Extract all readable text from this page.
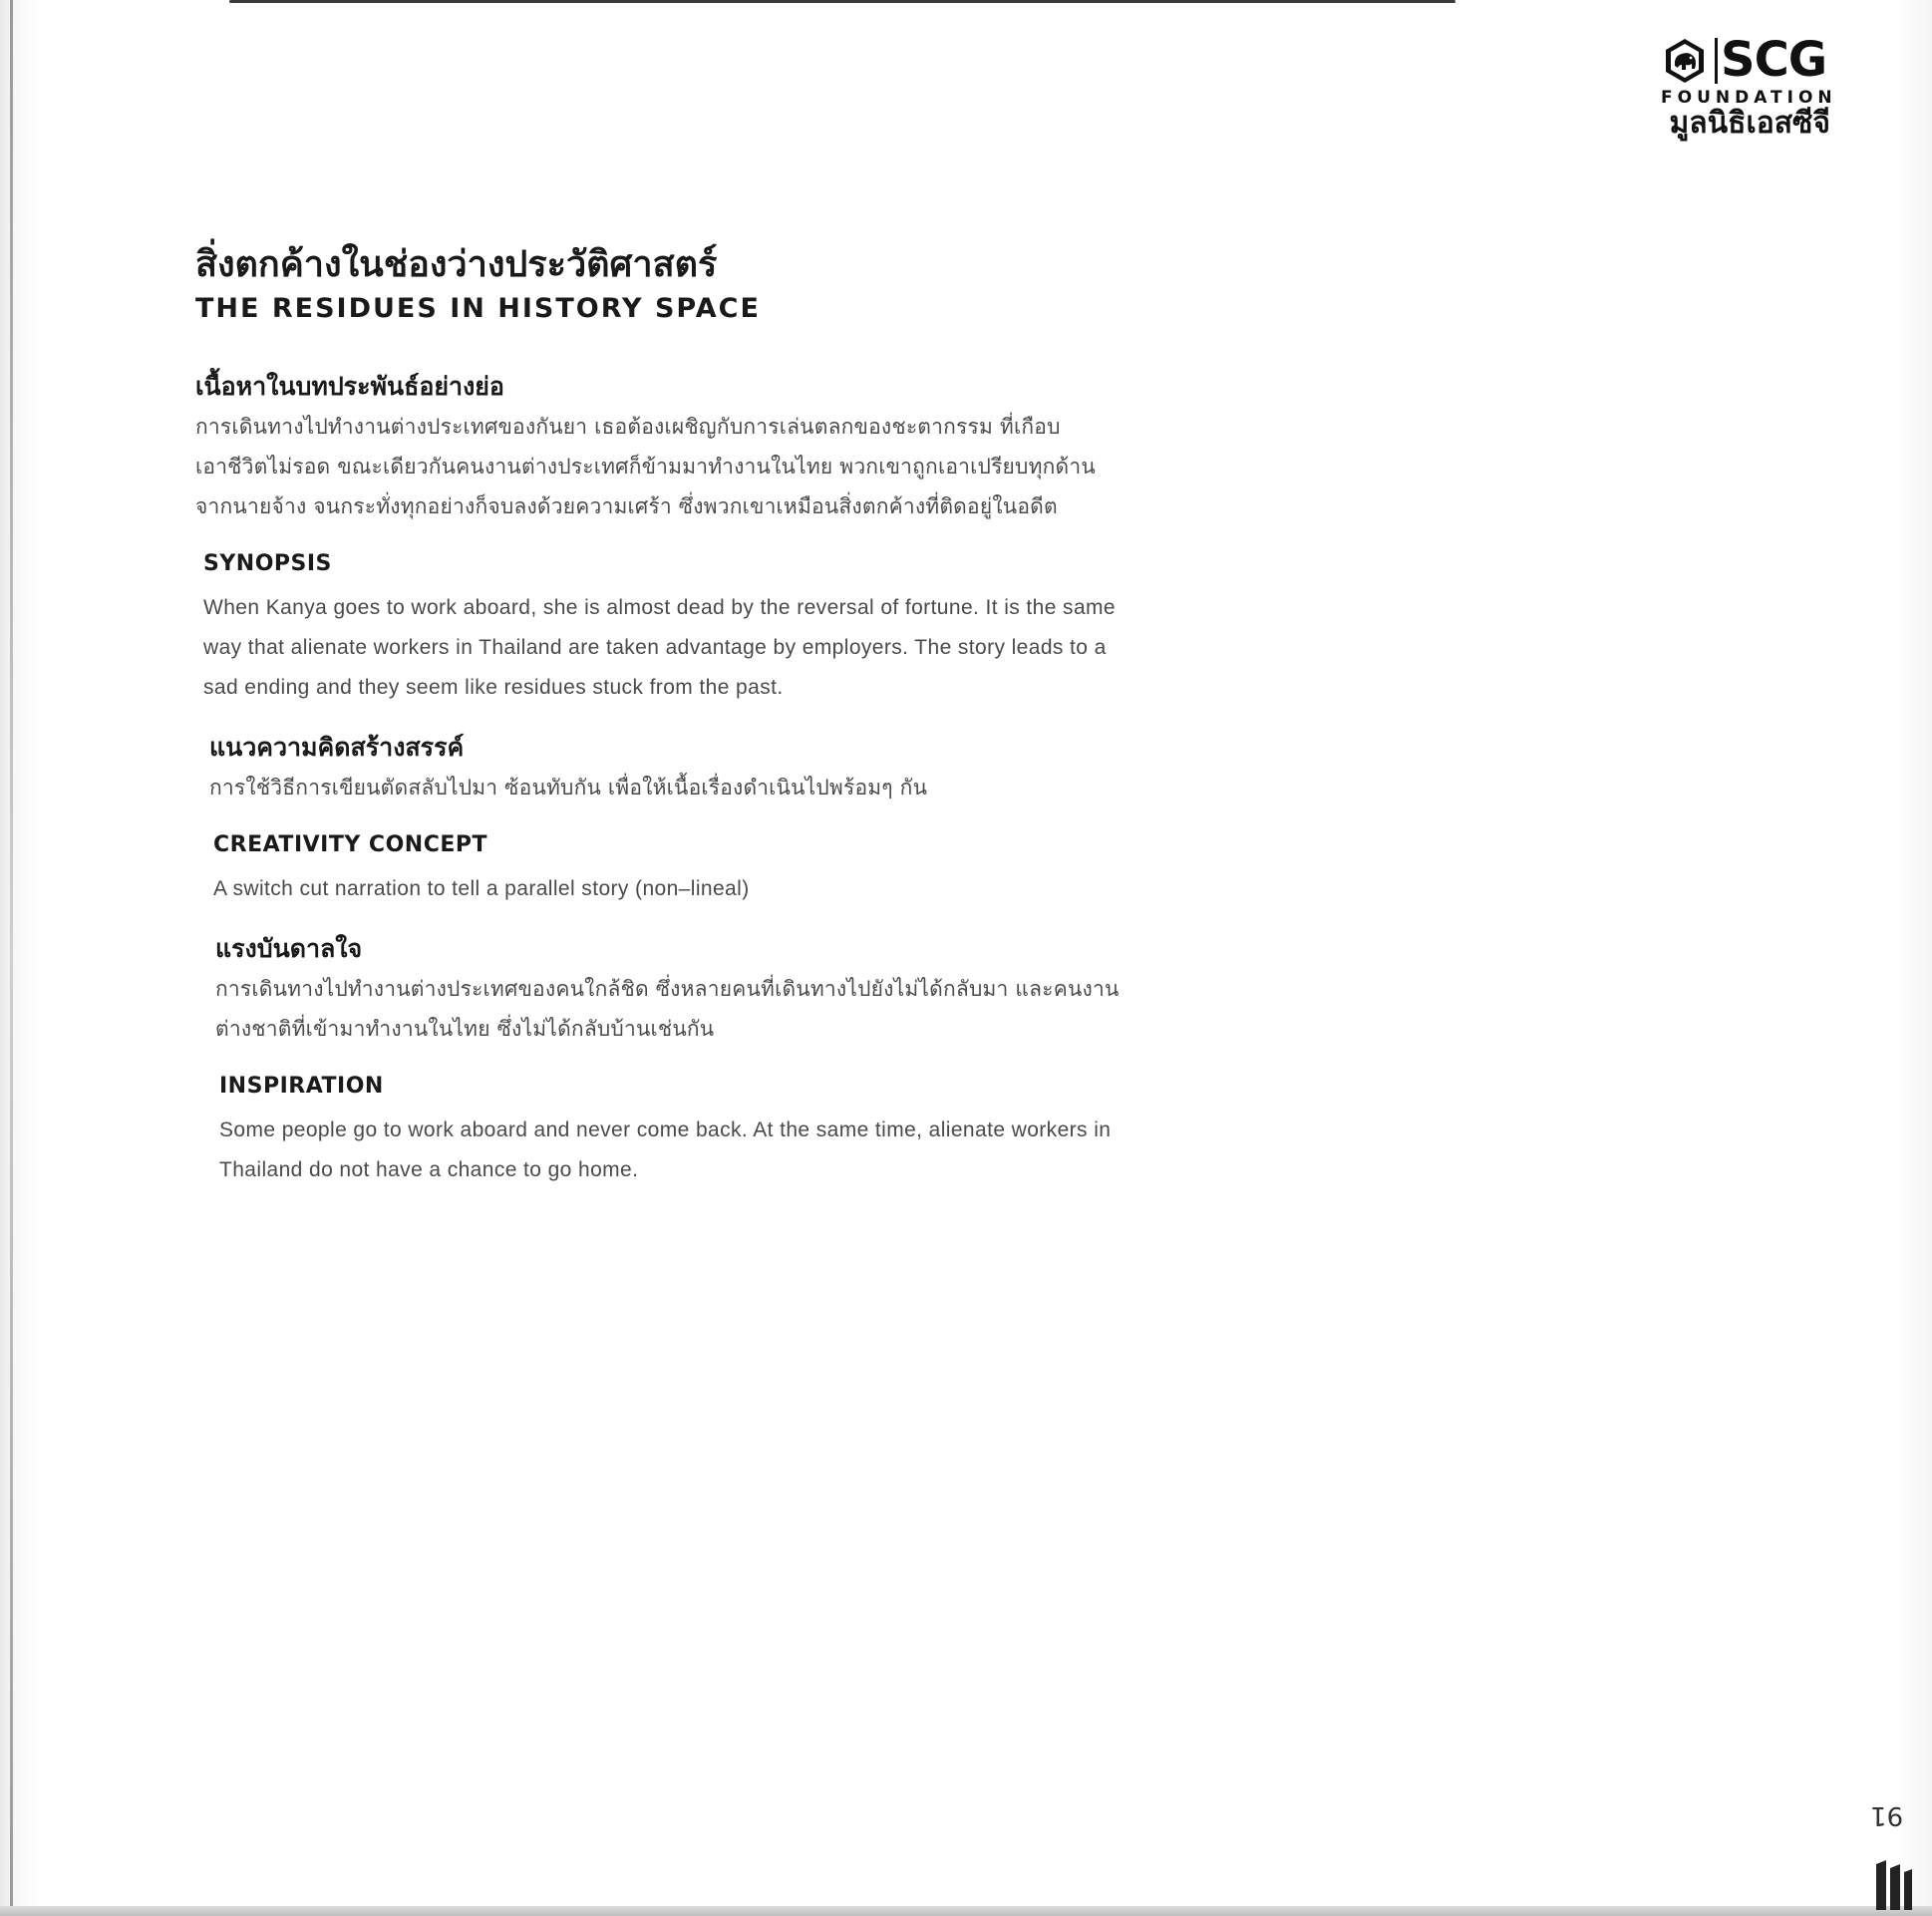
SCG
FOUNDATION
มูลนิธิเอสซีจี
สิ่งตกค้างในช่องว่างประวัติศาสตร์
THE RESIDUES IN HISTORY SPACE
เนื้อหาในบทประพันธ์อย่างย่อ

การเดินทางไปทำงานต่างประเทศของกันยา เธอต้องเผชิญกับการเล่นตลกของชะตากรรม ที่เกือบ

เอาชีวิตไม่รอด ขณะเดียวกันคนงานต่างประเทศก็ข้ามมาทำงานในไทย พวกเขาถูกเอาเปรียบทุกด้าน

จากนายจ้าง จนกระทั่งทุกอย่างก็จบลงด้วยความเศร้า ซึ่งพวกเขาเหมือนสิ่งตกค้างที่ติดอยู่ในอดีต

SYNOPSIS

When Kanya goes to work aboard, she is almost dead by the reversal of fortune. It is the same

way that alienate workers in Thailand are taken advantage by employers. The story leads to a

sad ending and they seem like residues stuck from the past.

แนวความคิดสร้างสรรค์

การใช้วิธีการเขียนตัดสลับไปมา ซ้อนทับกัน เพื่อให้เนื้อเรื่องดำเนินไปพร้อมๆ กัน

CREATIVITY CONCEPT

A switch cut narration to tell a parallel story (non–lineal)

แรงบันดาลใจ

การเดินทางไปทำงานต่างประเทศของคนใกล้ชิด ซึ่งหลายคนที่เดินทางไปยังไม่ได้กลับมา และคนงาน

ต่างชาติที่เข้ามาทำงานในไทย ซึ่งไม่ได้กลับบ้านเช่นกัน

INSPIRATION

Some people go to work aboard and never come back. At the same time, alienate workers in

Thailand do not have a chance to go home.

91
